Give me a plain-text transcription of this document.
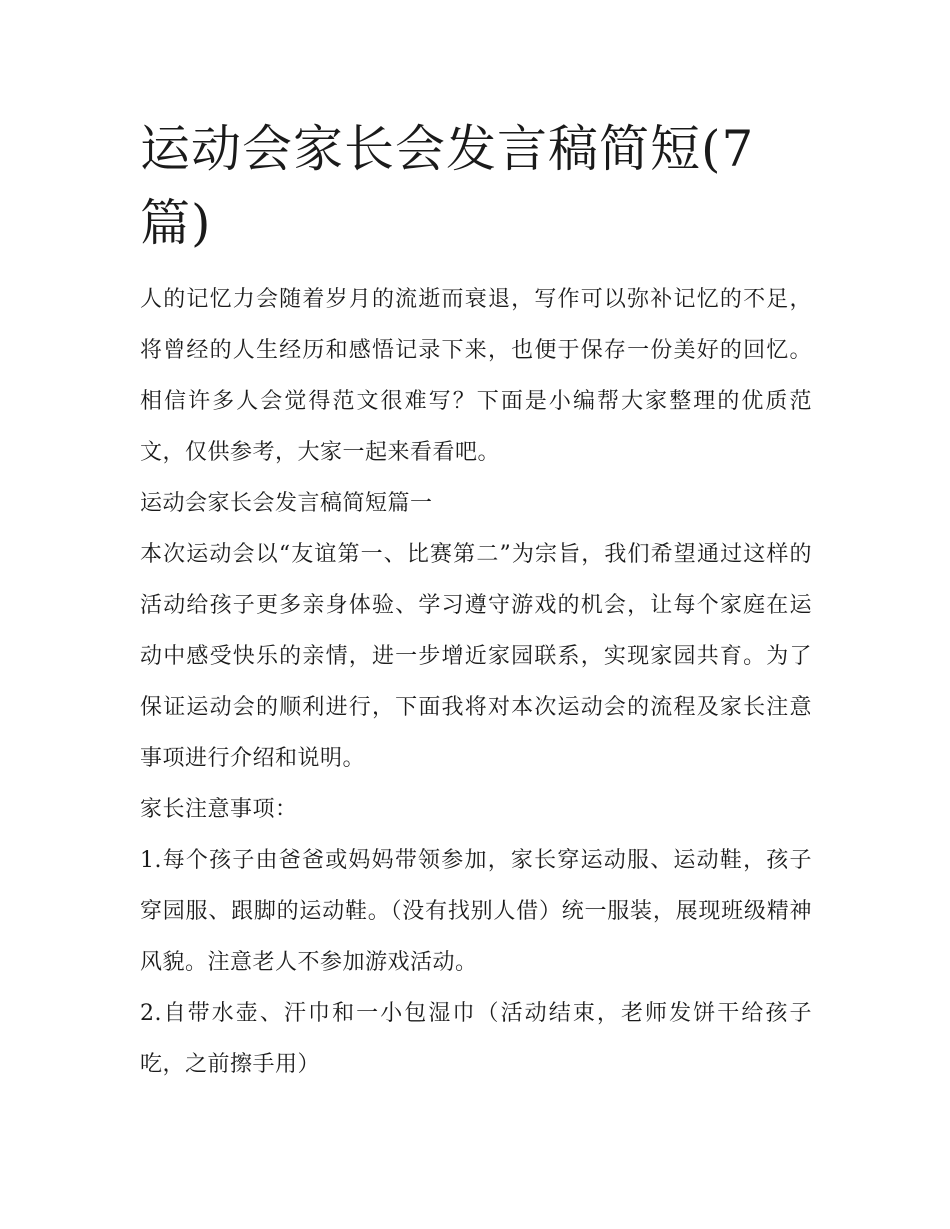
运动会家长会发言稿简短(7篇)

人的记忆力会随着岁月的流逝而衰退，写作可以弥补记忆的不足，将曾经的人生经历和感悟记录下来，也便于保存一份美好的回忆。相信许多人会觉得范文很难写？下面是小编帮大家整理的优质范文，仅供参考，大家一起来看看吧。

运动会家长会发言稿简短篇一

本次运动会以“友谊第一、比赛第二”为宗旨，我们希望通过这样的活动给孩子更多亲身体验、学习遵守游戏的机会，让每个家庭在运动中感受快乐的亲情，进一步增近家园联系，实现家园共育。为了保证运动会的顺利进行，下面我将对本次运动会的流程及家长注意事项进行介绍和说明。

家长注意事项：

1.每个孩子由爸爸或妈妈带领参加，家长穿运动服、运动鞋，孩子穿园服、跟脚的运动鞋。（没有找别人借）统一服装，展现班级精神风貌。注意老人不参加游戏活动。

2.自带水壶、汗巾和一小包湿巾（活动结束，老师发饼干给孩子吃，之前擦手用）
